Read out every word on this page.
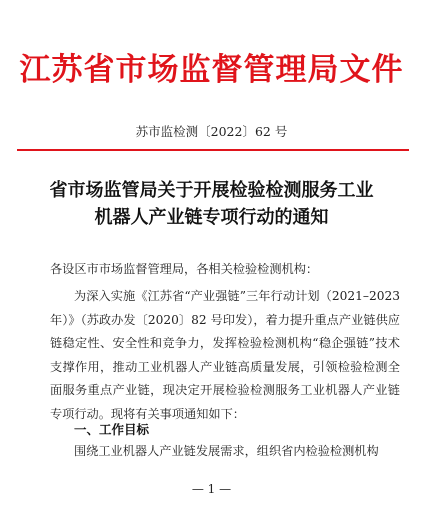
江苏省市场监督管理局文件
苏市监检测〔2022〕62 号
省市场监管局关于开展检验检测服务工业
机器人产业链专项行动的通知
各设区市市场监督管理局，各相关检验检测机构：
为深入实施《江苏省“产业强链”三年行动计划（2021–2023年）》（苏政办发〔2020〕82 号印发），着力提升重点产业链供应链稳定性、安全性和竞争力，发挥检验检测机构“稳企强链”技术支撑作用，推动工业机器人产业链高质量发展，引领检验检测全面服务重点产业链，现决定开展检验检测服务工业机器人产业链专项行动。现将有关事项通知如下：
一、工作目标
围绕工业机器人产业链发展需求，组织省内检验检测机构
— 1 —
